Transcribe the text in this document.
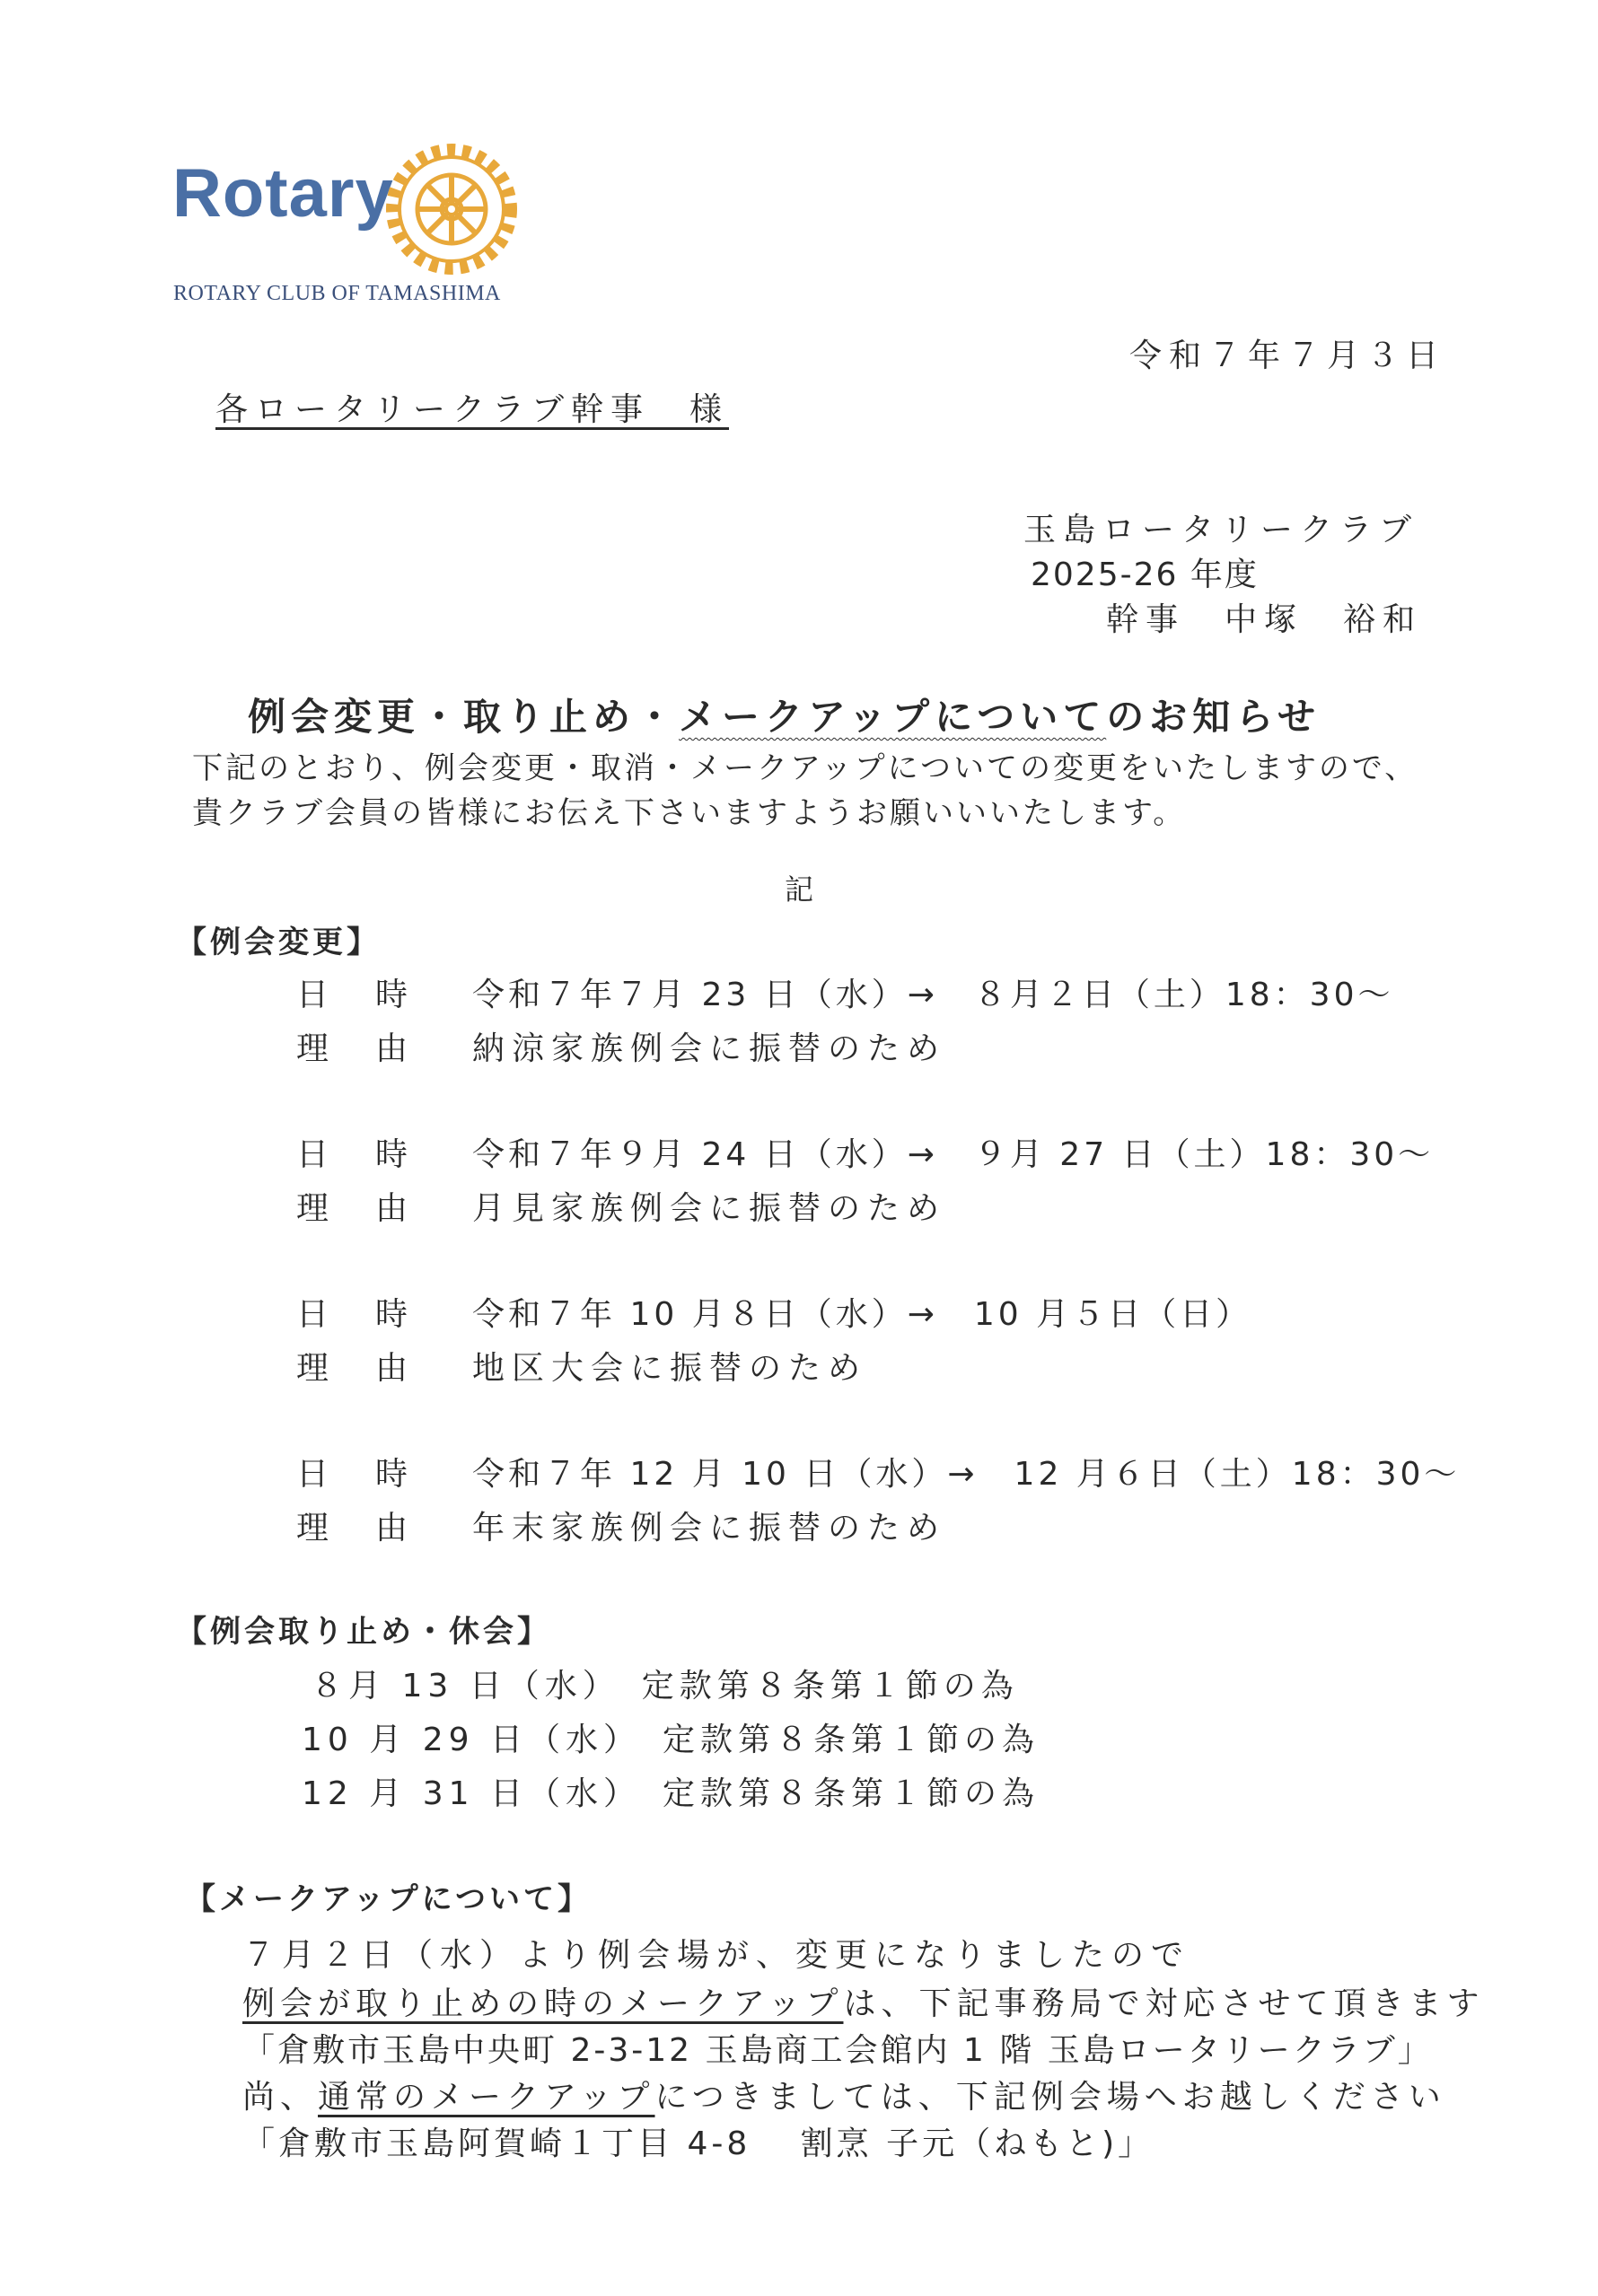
Rotary
ROTARY CLUB OF TAMASHIMA
令和７年７月３日
各ロータリークラブ幹事　様
玉島ロータリークラブ
2025-26 年度
幹事　中塚　裕和
例会変更・取り止め・メークアップについてのお知らせ
下記のとおり、例会変更・取消・メークアップについての変更をいたしますので、
貴クラブ会員の皆様にお伝え下さいますようお願いいいたします。
記
【例会変更】
日　時 令和７年７月 23 日（水）→　８月２日（土）18：30～
理　由 納涼家族例会に振替のため
日　時 令和７年９月 24 日（水）→　９月 27 日（土）18：30～
理　由 月見家族例会に振替のため
日　時 令和７年 10 月８日（水）→　10 月５日（日）
理　由 地区大会に振替のため
日　時 令和７年 12 月 10 日（水）→　12 月６日（土）18：30～
理　由 年末家族例会に振替のため
【例会取り止め・休会】
８月 13 日（水）　定款第８条第１節の為
10 月 29 日（水）　定款第８条第１節の為
12 月 31 日（水）　定款第８条第１節の為
【メークアップについて】
７月２日（水）より例会場が、変更になりましたので
例会が取り止めの時のメークアップは、下記事務局で対応させて頂きます
「倉敷市玉島中央町 2-3-12 玉島商工会館内 1 階 玉島ロータリークラブ」
尚、通常のメークアップにつきましては、下記例会場へお越しください
「倉敷市玉島阿賀崎１丁目 4-8　 割烹 子元（ねもと)」
